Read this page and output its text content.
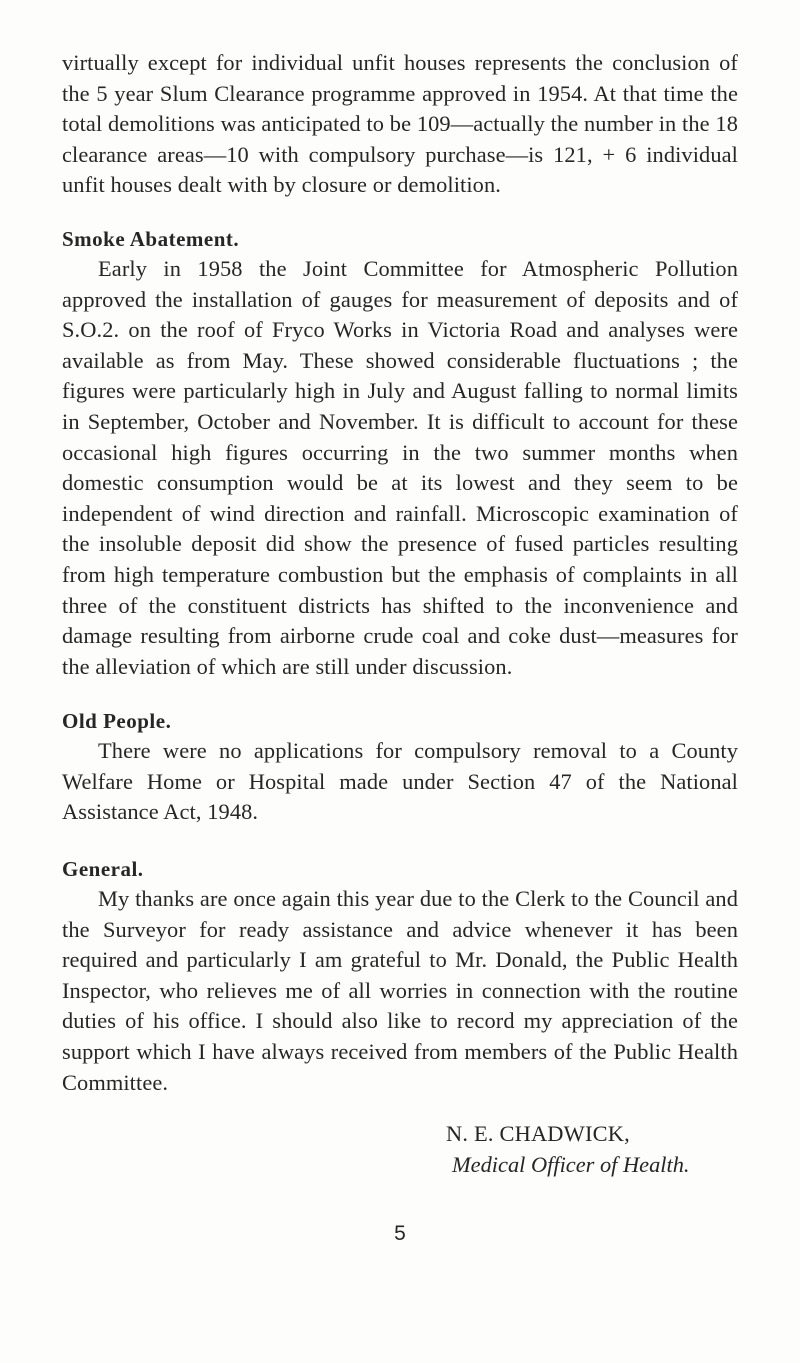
virtually except for individual unfit houses represents the conclusion of the 5 year Slum Clearance programme approved in 1954. At that time the total demolitions was anticipated to be 109—actually the number in the 18 clearance areas—10 with compulsory purchase—is 121, + 6 individual unfit houses dealt with by closure or demolition.

Smoke Abatement.

Early in 1958 the Joint Committee for Atmospheric Pollution approved the installation of gauges for measurement of deposits and of S.O.2. on the roof of Fryco Works in Victoria Road and analyses were available as from May. These showed considerable fluctuations ; the figures were particularly high in July and August falling to normal limits in September, October and November. It is difficult to account for these occasional high figures occurring in the two summer months when domestic consumption would be at its lowest and they seem to be independent of wind direction and rainfall. Microscopic examination of the insoluble deposit did show the presence of fused particles resulting from high temperature combustion but the emphasis of complaints in all three of the constituent districts has shifted to the inconvenience and damage resulting from airborne crude coal and coke dust—measures for the alleviation of which are still under discussion.

Old People.

There were no applications for compulsory removal to a County Welfare Home or Hospital made under Section 47 of the National Assistance Act, 1948.

General.

My thanks are once again this year due to the Clerk to the Council and the Surveyor for ready assistance and advice whenever it has been required and particularly I am grateful to Mr. Donald, the Public Health Inspector, who relieves me of all worries in connection with the routine duties of his office. I should also like to record my appreciation of the support which I have always received from members of the Public Health Committee.

N. E. CHADWICK,

Medical Officer of Health.

5
